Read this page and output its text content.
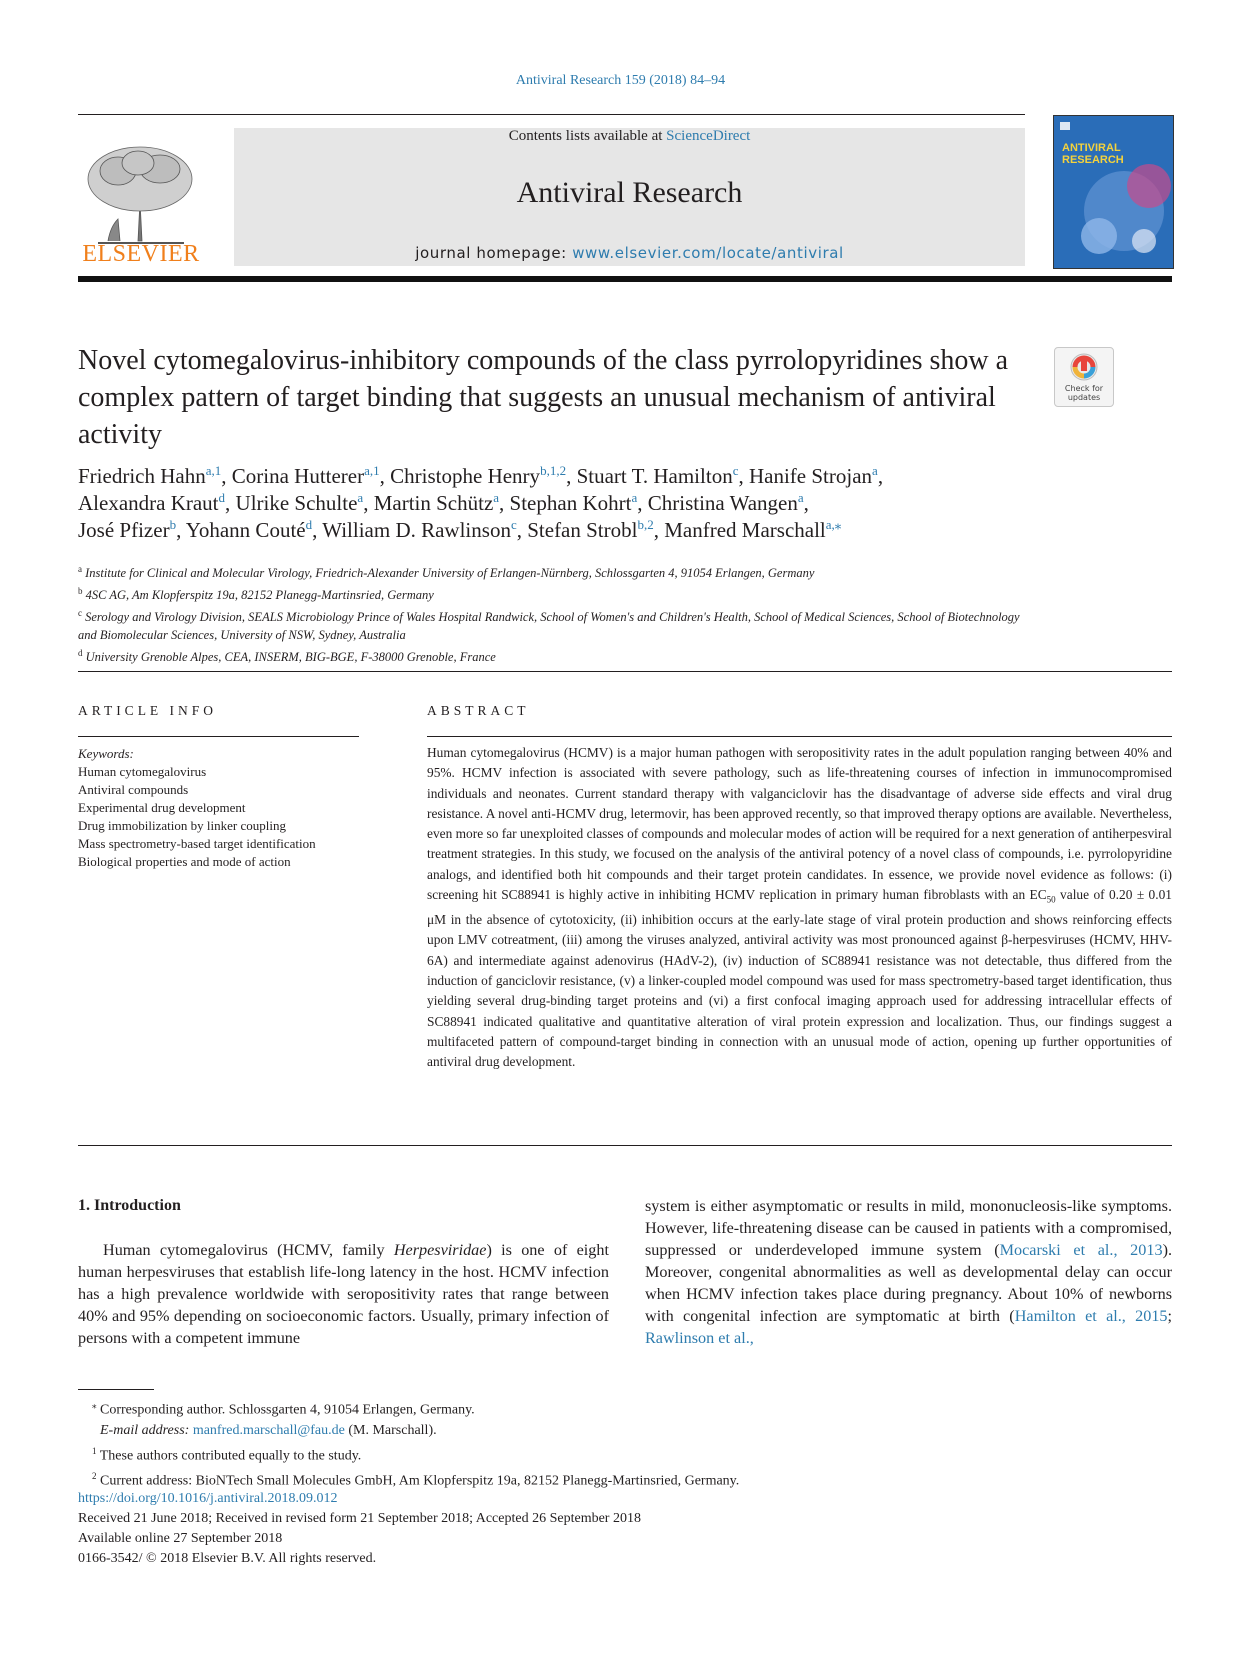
Antiviral Research 159 (2018) 84–94
ELSEVIER
Contents lists available at ScienceDirect
Antiviral Research
journal homepage: www.elsevier.com/locate/antiviral
ANTIVIRAL RESEARCH
Novel cytomegalovirus-inhibitory compounds of the class pyrrolopyridines show a complex pattern of target binding that suggests an unusual mechanism of antiviral activity
Check for updates
Friedrich Hahn$^{a,1}$, Corina Hutterer$^{a,1}$, Christophe Henry$^{b,1,2}$, Stuart T. Hamilton$^c$, Hanife Strojan$^a$,
Alexandra Kraut$^d$, Ulrike Schulte$^a$, Martin Schütz$^a$, Stephan Kohrt$^a$, Christina Wangen$^a$,
José Pfizer$^b$, Yohann Couté$^d$, William D. Rawlinson$^c$, Stefan Strobl$^{b,2}$, Manfred Marschall$^{a,⁎}$
$^a$ Institute for Clinical and Molecular Virology, Friedrich-Alexander University of Erlangen-Nürnberg, Schlossgarten 4, 91054 Erlangen, Germany
$^b$ 4SC AG, Am Klopferspitz 19a, 82152 Planegg-Martinsried, Germany
$^c$ Serology and Virology Division, SEALS Microbiology Prince of Wales Hospital Randwick, School of Women's and Children's Health, School of Medical Sciences, School of Biotechnology and Biomolecular Sciences, University of NSW, Sydney, Australia
$^d$ University Grenoble Alpes, CEA, INSERM, BIG-BGE, F-38000 Grenoble, France
ARTICLE INFO
Keywords:
Human cytomegalovirus
Antiviral compounds
Experimental drug development
Drug immobilization by linker coupling
Mass spectrometry-based target identification
Biological properties and mode of action
ABSTRACT
Human cytomegalovirus (HCMV) is a major human pathogen with seropositivity rates in the adult population ranging between 40% and 95%. HCMV infection is associated with severe pathology, such as life-threatening courses of infection in immunocompromised individuals and neonates. Current standard therapy with valganciclovir has the disadvantage of adverse side effects and viral drug resistance. A novel anti-HCMV drug, letermovir, has been approved recently, so that improved therapy options are available. Nevertheless, even more so far unexploited classes of compounds and molecular modes of action will be required for a next generation of antiherpesviral treatment strategies. In this study, we focused on the analysis of the antiviral potency of a novel class of compounds, i.e. pyrrolopyridine analogs, and identified both hit compounds and their target protein candidates. In essence, we provide novel evidence as follows: (i) screening hit SC88941 is highly active in inhibiting HCMV replication in primary human fibroblasts with an $EC_{50}$ value of 0.20 ± 0.01 μM in the absence of cytotoxicity, (ii) inhibition occurs at the early-late stage of viral protein production and shows reinforcing effects upon LMV cotreatment, (iii) among the viruses analyzed, antiviral activity was most pronounced against β-herpesviruses (HCMV, HHV-6A) and intermediate against adenovirus (HAdV-2), (iv) induction of SC88941 resistance was not detectable, thus differed from the induction of ganciclovir resistance, (v) a linker-coupled model compound was used for mass spectrometry-based target identification, thus yielding several drug-binding target proteins and (vi) a first confocal imaging approach used for addressing intracellular effects of SC88941 indicated qualitative and quantitative alteration of viral protein expression and localization. Thus, our findings suggest a multifaceted pattern of compound-target binding in connection with an unusual mode of action, opening up further opportunities of antiviral drug development.
1. Introduction
Human cytomegalovirus (HCMV, family Herpesviridae) is one of eight human herpesviruses that establish life-long latency in the host. HCMV infection has a high prevalence worldwide with seropositivity rates that range between 40% and 95% depending on socioeconomic factors. Usually, primary infection of persons with a competent immune
system is either asymptomatic or results in mild, mononucleosis-like symptoms. However, life-threatening disease can be caused in patients with a compromised, suppressed or underdeveloped immune system (Mocarski et al., 2013). Moreover, congenital abnormalities as well as developmental delay can occur when HCMV infection takes place during pregnancy. About 10% of newborns with congenital infection are symptomatic at birth (Hamilton et al., 2015; Rawlinson et al.,
⁎ Corresponding author. Schlossgarten 4, 91054 Erlangen, Germany.
E-mail address: manfred.marschall@fau.de (M. Marschall).
$^1$ These authors contributed equally to the study.
$^2$ Current address: BioNTech Small Molecules GmbH, Am Klopferspitz 19a, 82152 Planegg-Martinsried, Germany.
https://doi.org/10.1016/j.antiviral.2018.09.012
Received 21 June 2018; Received in revised form 21 September 2018; Accepted 26 September 2018
Available online 27 September 2018
0166-3542/ © 2018 Elsevier B.V. All rights reserved.
